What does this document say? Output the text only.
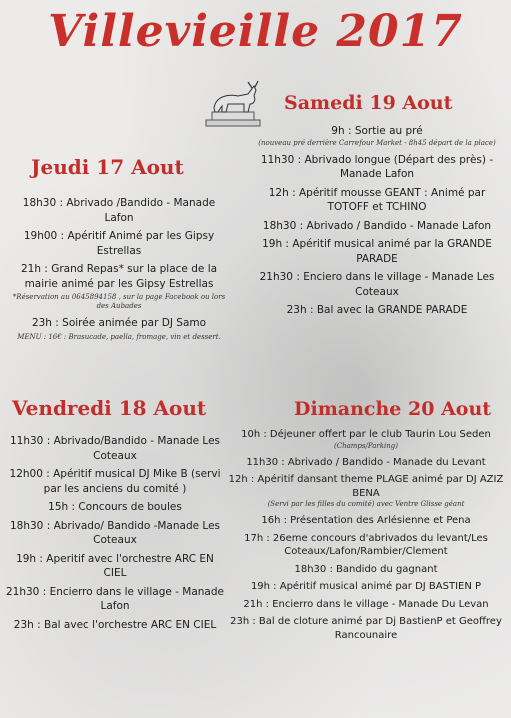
Villevieille 2017
Jeudi 17 Aout
18h30 : Abrivado /Bandido - Manade Lafon
19h00 : Apéritif Animé par les Gipsy Estrellas
21h : Grand Repas* sur la place de la mairie animé par les Gipsy Estrellas
*Réservation au 0645894158 , sur la page Facebook ou lors des Aubades
23h : Soirée animée par DJ Samo
MENU : 16€ : Brasucade, paella, fromage, vin et dessert.
Samedi 19 Aout
9h : Sortie au pré
(nouveau pré derrière Carrefour Market - 8h45 départ de la place)
11h30 : Abrivado longue (Départ des près) - Manade Lafon
12h : Apéritif mousse GEANT : Animé par TOTOFF et TCHINO
18h30 : Abrivado / Bandido - Manade Lafon
19h : Apéritif musical animé par la GRANDE PARADE
21h30 : Enciero dans le village - Manade Les Coteaux
23h : Bal avec la GRANDE PARADE
Vendredi 18 Aout
11h30 : Abrivado/Bandido - Manade Les Coteaux
12h00 : Apéritif musical DJ Mike B (servi par les anciens du comité )
15h : Concours de boules
18h30 : Abrivado/ Bandido -Manade Les Coteaux
19h : Aperitif avec l'orchestre ARC EN CIEL
21h30 : Encierro dans le village - Manade Lafon
23h : Bal avec l'orchestre ARC EN CIEL
Dimanche 20 Aout
10h : Déjeuner offert par le club Taurin Lou Seden
(Champs/Parking)
11h30 : Abrivado / Bandido - Manade du Levant
12h : Apéritif dansant theme PLAGE animé par DJ AZIZ BENA
(Servi par les filles du comité) avec Ventre Glisse géant
16h : Présentation des Arlésienne et Pena
17h : 26eme concours d'abrivados du levant/Les Coteaux/Lafon/Rambier/Clement
18h30 : Bandido du gagnant
19h : Apéritif musical animé par DJ BASTIEN P
21h : Encierro dans le village - Manade Du Levan
23h : Bal de cloture animé par Dj BastienP et Geoffrey Rancounaire
